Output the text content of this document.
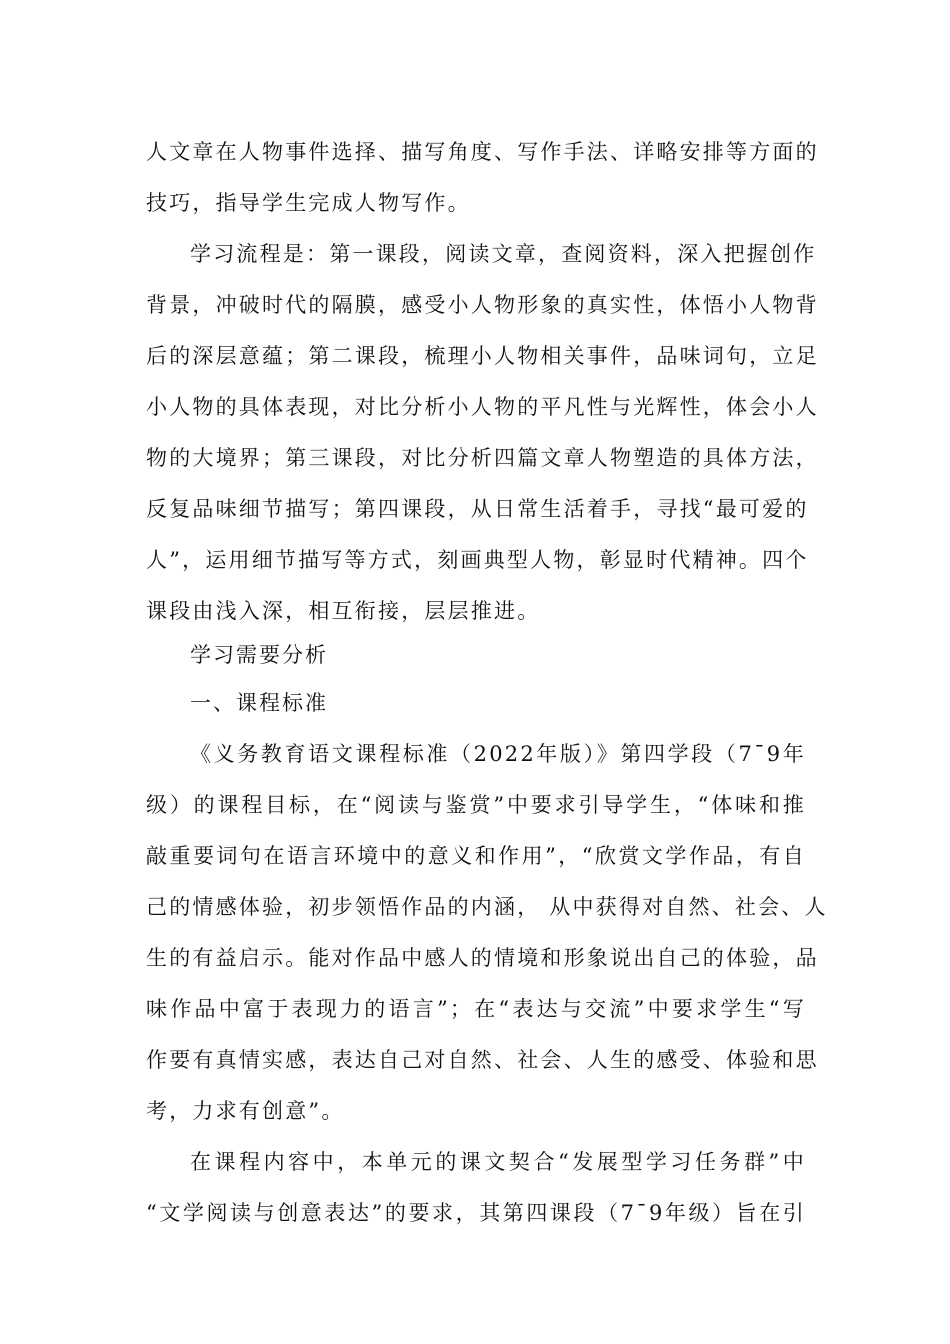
人文章在人物事件选择、描写角度、写作手法、详略安排等方面的
技巧，指导学生完成人物写作。
学习流程是：第一课段，阅读文章，查阅资料，深入把握创作
背景，冲破时代的隔膜，感受小人物形象的真实性，体悟小人物背
后的深层意蕴；第二课段，梳理小人物相关事件，品味词句，立足
小人物的具体表现，对比分析小人物的平凡性与光辉性，体会小人
物的大境界；第三课段，对比分析四篇文章人物塑造的具体方法，
反复品味细节描写；第四课段，从日常生活着手，寻找“最可爱的
人”，运用细节描写等方式，刻画典型人物，彰显时代精神。四个
课段由浅入深，相互衔接，层层推进。
学习需要分析
一、课程标准
《义务教育语文课程标准（2022年版）》第四学段（7¯9年
级）的课程目标，在“阅读与鉴赏”中要求引导学生，“体味和推
敲重要词句在语言环境中的意义和作用”，“欣赏文学作品，有自
己的情感体验，初步领悟作品的内涵， 从中获得对自然、社会、人
生的有益启示。能对作品中感人的情境和形象说出自己的体验，品
味作品中富于表现力的语言”；在“表达与交流”中要求学生“写
作要有真情实感，表达自己对自然、社会、人生的感受、体验和思
考，力求有创意”。
在课程内容中，本单元的课文契合“发展型学习任务群”中
“文学阅读与创意表达”的要求，其第四课段（7¯9年级）旨在引
